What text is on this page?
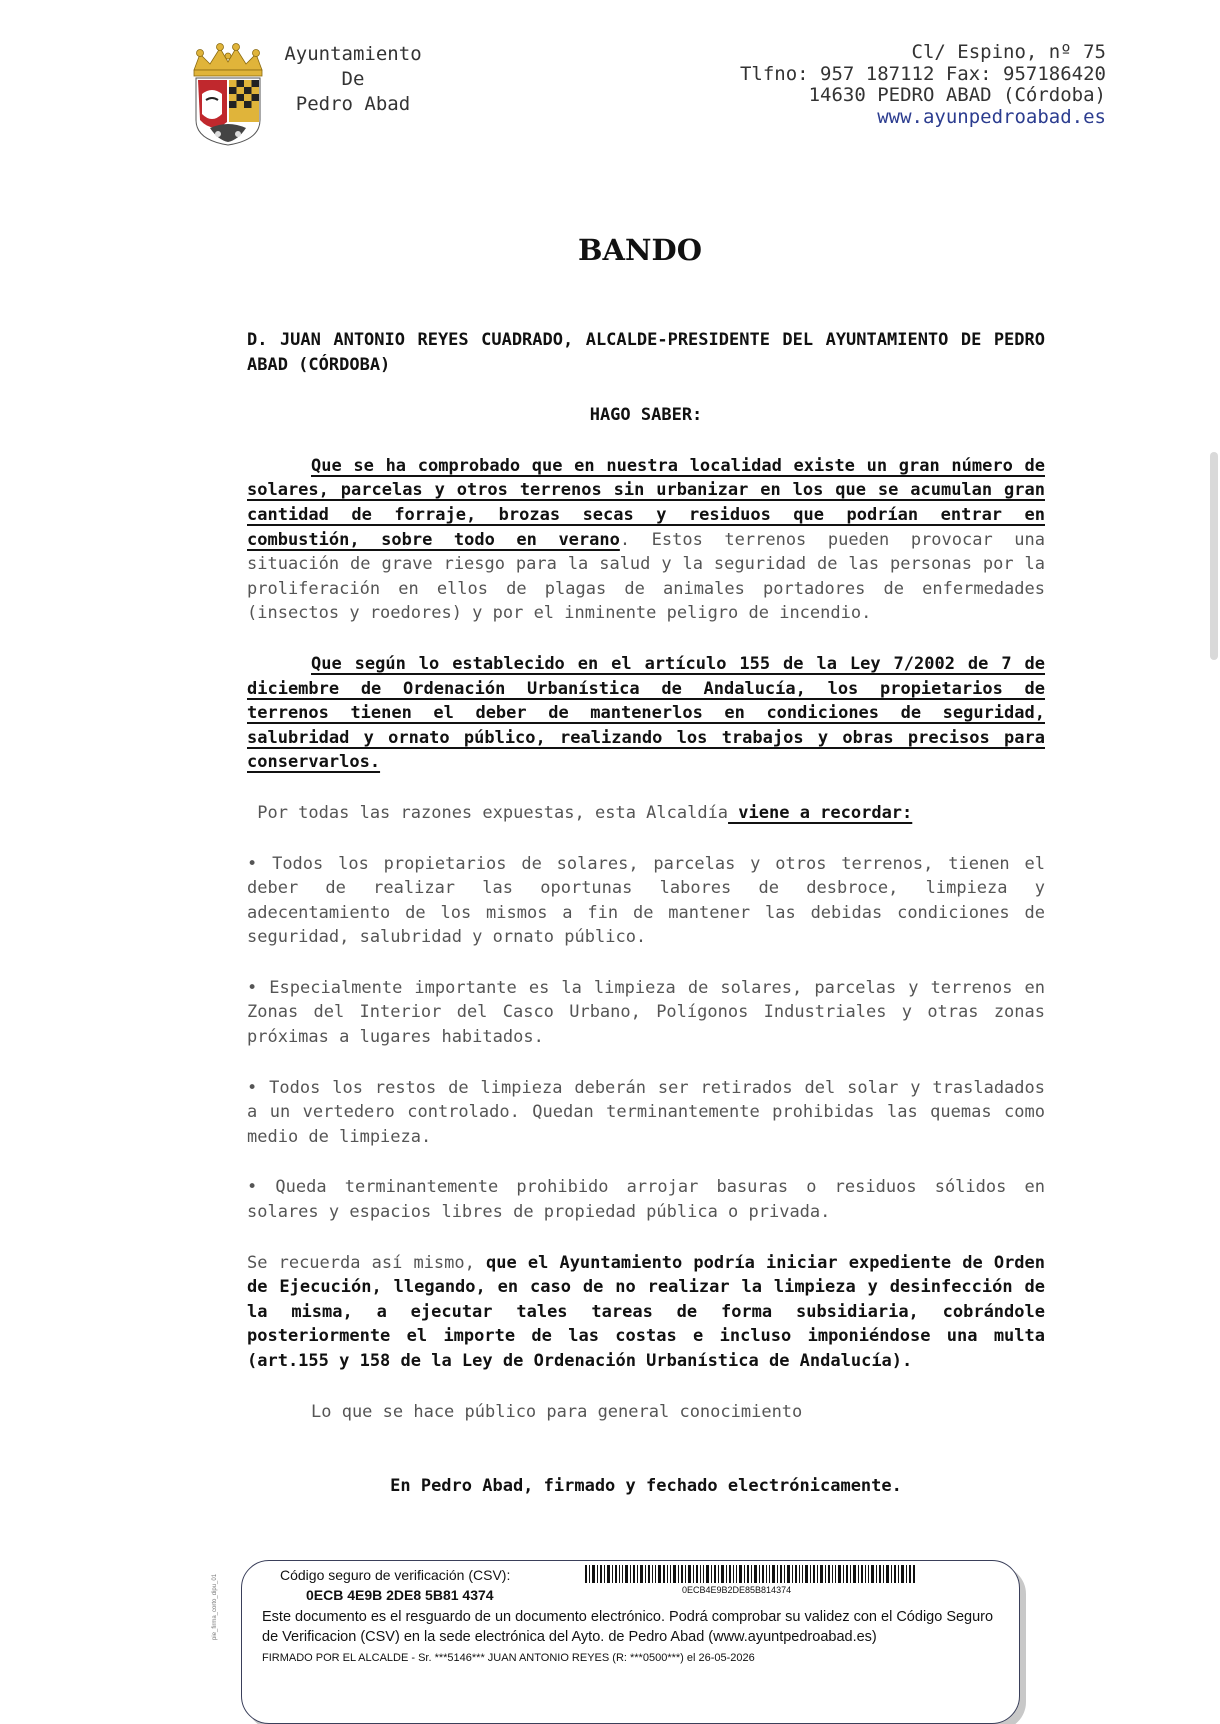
Ayuntamiento
De
Pedro Abad
Cl/ Espino, nº 75
Tlfno: 957 187112 Fax: 957186420
14630 PEDRO ABAD (Córdoba)
www.ayunpedroabad.es
BANDO

D. JUAN ANTONIO REYES CUADRADO, ALCALDE-PRESIDENTE DEL AYUNTAMIENTO DE PEDRO ABAD (CÓRDOBA)

HAGO SABER:

Que se ha comprobado que en nuestra localidad existe un gran número de solares, parcelas y otros terrenos sin urbanizar en los que se acumulan gran cantidad de forraje, brozas secas y residuos que podrían entrar en combustión, sobre todo en verano. Estos terrenos pueden provocar una situación de grave riesgo para la salud y la seguridad de las personas por la proliferación en ellos de plagas de animales portadores de enfermedades (insectos y roedores) y por el inminente peligro de incendio.

Que según lo establecido en el artículo 155 de la Ley 7/2002 de 7 de diciembre de Ordenación Urbanística de Andalucía, los propietarios de terrenos tienen el deber de mantenerlos en condiciones de seguridad, salubridad y ornato público, realizando los trabajos y obras precisos para conservarlos.

Por todas las razones expuestas, esta Alcaldía viene a recordar:

• Todos los propietarios de solares, parcelas y otros terrenos, tienen el deber de realizar las oportunas labores de desbroce, limpieza y adecentamiento de los mismos a fin de mantener las debidas condiciones de seguridad, salubridad y ornato público.

• Especialmente importante es la limpieza de solares, parcelas y terrenos en Zonas del Interior del Casco Urbano, Polígonos Industriales y otras zonas próximas a lugares habitados.

• Todos los restos de limpieza deberán ser retirados del solar y trasladados a un vertedero controlado. Quedan terminantemente prohibidas las quemas como medio de limpieza.

• Queda terminantemente prohibido arrojar basuras o residuos sólidos en solares y espacios libres de propiedad pública o privada.

Se recuerda así mismo, que el Ayuntamiento podría iniciar expediente de Orden de Ejecución, llegando, en caso de no realizar la limpieza y desinfección de la misma, a ejecutar tales tareas de forma subsidiaria, cobrándole posteriormente el importe de las costas e incluso imponiéndose una multa (art.155 y 158 de la Ley de Ordenación Urbanística de Andalucía).

Lo que se hace público para general conocimiento

En Pedro Abad, firmado y fechado electrónicamente.

pie_firma_corto_dipu_01	Código seguro de verificación (CSV):
0ECB 4E9B 2DE8 5B81 4374	0ECB4E9B2DE85B814374
Este documento es el resguardo de un documento electrónico. Podrá comprobar su validez con el Código Seguro de Verificacion (CSV) en la sede electrónica del Ayto. de Pedro Abad (www.ayuntpedroabad.es)
FIRMADO POR EL ALCALDE - Sr. ***5146*** JUAN ANTONIO REYES (R: ***0500***) el 26-05-2026
